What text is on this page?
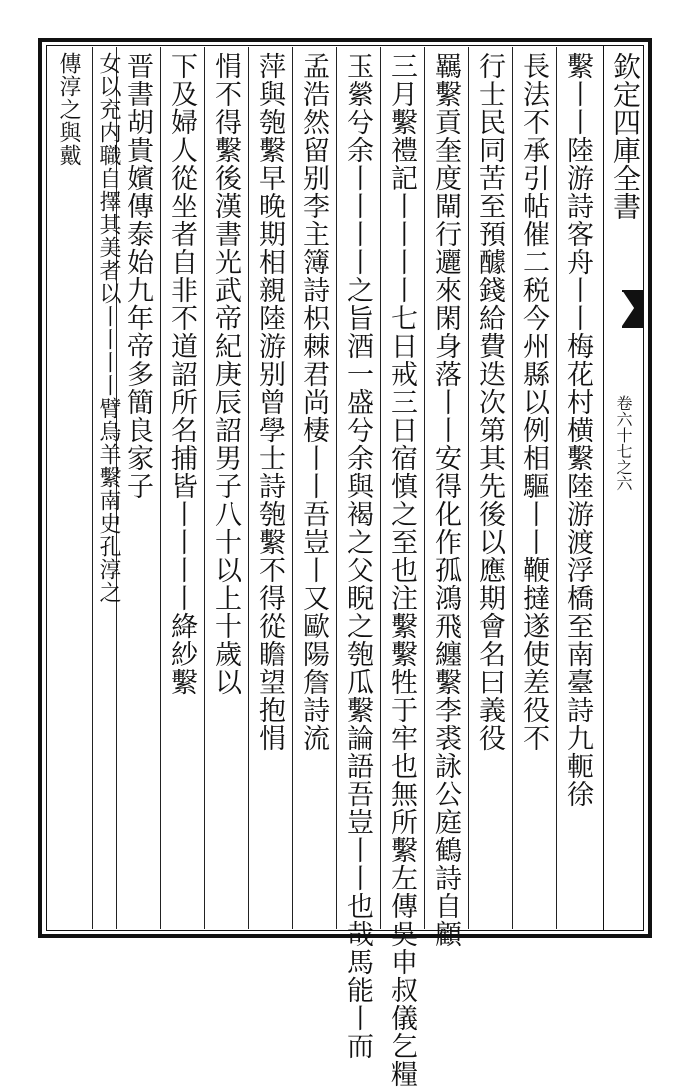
欽定四庫全書
卷六十七之六
繫丨丨陸游詩客舟丨丨梅花村横繫陸游渡浮橋至南臺詩九軛徐
長法不承引帖催二税今州縣以例相驅丨丨鞭撻遂使差役不
行士民同苦至預醵錢給費迭次第其先後以應期會名曰義役
羈繫貢奎度閘行邐來閑身落丨丨安得化作孤鴻飛纏繫李裘詠公庭鶴詩自顧
三月繫禮記丨丨丨丨七日戒三日宿慎之至也注繫繫牲于牢也無所繫左傳吳申叔儀乞糧
玉縈兮余丨丨丨丨之旨酒一盛兮余與褐之父睨之匏瓜繫論語吾豈丨丨也哉馬能丨而
孟浩然留别李主簿詩枳棘君尚棲丨丨吾豈丨又歐陽詹詩流
萍與匏繫早晚期相親陸游别曾學士詩匏繫不得從瞻望抱悁
悁不得繫後漢書光武帝紀庚辰詔男子八十以上十歲以
下及婦人從坐者自非不道詔所名捕皆丨丨丨丨絳紗繫
晋書胡貴嬪傳泰始九年帝多簡良家子
女以充内職自擇其美者以丨丨丨丨臂烏羊繫南史孔淳之
傳淳之與戴
